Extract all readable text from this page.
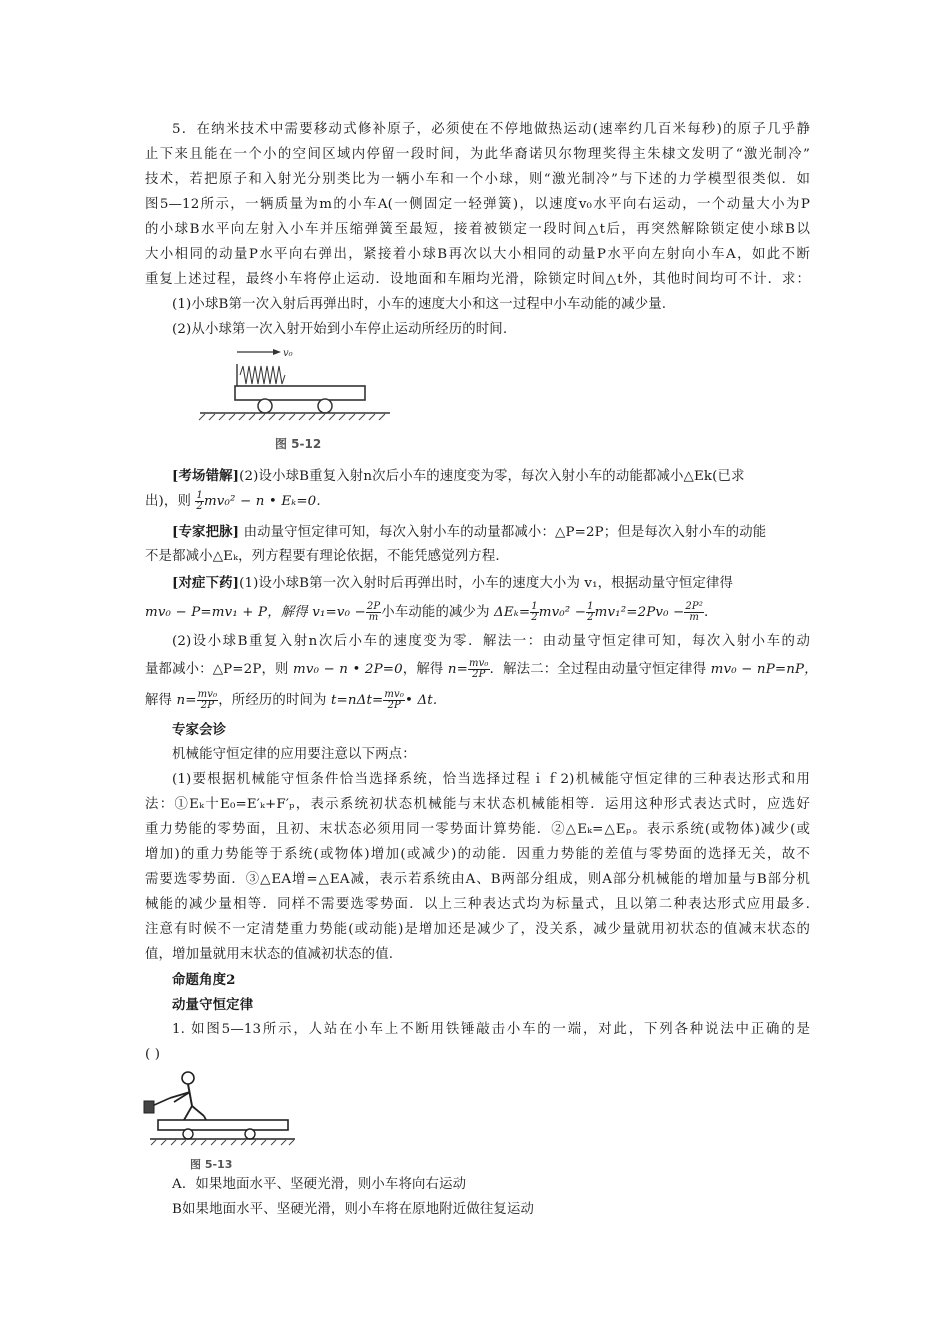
5．在纳米技术中需要移动式修补原子，必须使在不停地做热运动(速率约几百米每秒)的原子几乎静
止下来且能在一个小的空间区域内停留一段时间，为此华裔诺贝尔物理奖得主朱棣文发明了“激光制冷”
技术，若把原子和入射光分别类比为一辆小车和一个小球，则“激光制冷”与下述的力学模型很类似．如
图5—12所示，一辆质量为m的小车A(一侧固定一轻弹簧)，以速度v₀水平向右运动，一个动量大小为P
的小球B水平向左射入小车并压缩弹簧至最短，接着被锁定一段时间△t后，再突然解除锁定使小球B以
大小相同的动量P水平向右弹出，紧接着小球B再次以大小相同的动量P水平向左射向小车A，如此不断
重复上述过程，最终小车将停止运动．设地面和车厢均光滑，除锁定时间△t外，其他时间均可不计．求：
(1)小球B第一次入射后再弹出时，小车的速度大小和这一过程中小车动能的减少量.
(2)从小球第一次入射开始到小车停止运动所经历的时间.
v₀
图 5-12
[考场错解](2)设小球B重复入射n次后小车的速度变为零，每次入射小车的动能都减小△Ek(已求
出)，则 $\frac{1}{2} mv_0^2 - n$ • Eₖ=0.
[专家把脉] 由动量守恒定律可知，每次入射小车的动量都减小：△P=2P；但是每次入射小车的动能
不是都减小△Eₖ，列方程要有理论依据，不能凭感觉列方程.
[对症下药](1)设小球B第一次入射时后再弹出时，小车的速度大小为 v₁，根据动量守恒定律得
mv₀ − P=mv₁ + P，解得 $v_1=v_0 - \frac{2P}{m}$ 小车动能的减少为 $\Delta E_k= \frac{1}{2} mv_0^2 - \frac{1}{2} mv_1^2=2Pv_0 - \frac{\text{2P²}}{m}$ .
(2)设小球B重复入射n次后小车的速度变为零．解法一：由动量守恒定律可知，每次入射小车的动
量都减小：△P=2P，则 mv₀ − n • 2P=0，解得 $n= \frac{\text{mv₀}}{2P}$ ．解法二：全过程由动量守恒定律得 mv₀ − nP=nP，
解得 $n= \frac{\text{mv₀}}{2P}$ ，所经历的时间为 $t=n\Delta t= \frac{\text{mv₀}}{2P}$ • Δt.
专家会诊
机械能守恒定律的应用要注意以下两点：
(1)要根据机械能守恒条件恰当选择系统，恰当选择过程ｉｆ2)机械能守恒定律的三种表达形式和用
法：①Eₖ十E₀=E′ₖ+F′ₚ，表示系统初状态机械能与末状态机械能相等．运用这种形式表达式时，应选好
重力势能的零势面，且初、末状态必须用同一零势面计算势能．②△Eₖ=△Eₚ。表示系统(或物体)减少(或
增加)的重力势能等于系统(或物体)增加(或减少)的动能．因重力势能的差值与零势面的选择无关，故不
需要选零势面．③△EA增=△EA减，表示若系统由A、B两部分组成，则A部分机械能的增加量与B部分机
械能的减少量相等．同样不需要选零势面．以上三种表达式均为标量式，且以第二种表达形式应用最多.
注意有时候不一定清楚重力势能(或动能)是增加还是减少了，没关系，减少量就用初状态的值减末状态的
值，增加量就用末状态的值减初状态的值.
命题角度2
动量守恒定律
1. 如图5—13所示，人站在小车上不断用铁锤敲击小车的一端，对此，下列各种说法中正确的是
( )
图 5-13
A．如果地面水平、坚硬光滑，则小车将向右运动
B如果地面水平、坚硬光滑，则小车将在原地附近做往复运动
